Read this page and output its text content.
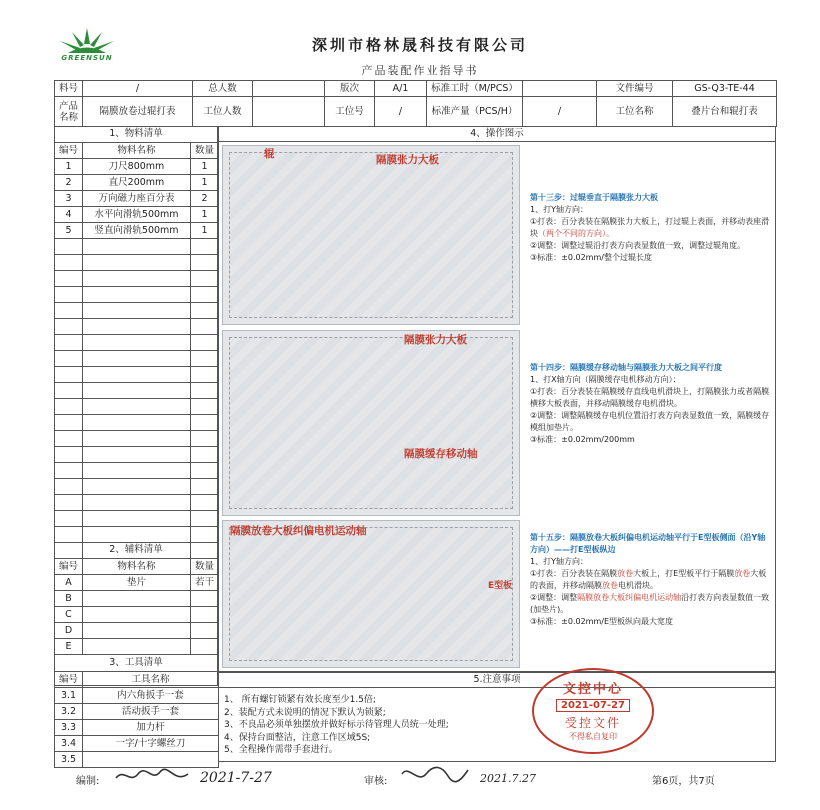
GREENSUN
深圳市格林晟科技有限公司
产品装配作业指导书
料号	/	总人数		版次	A/1	标准工时（M/PCS）		文件编号	GS-Q3-TE-44
产品名称	隔膜放卷过辊打表	工位人数		工位号	/	标准产量（PCS/H）	/	工位名称	叠片台和辊打表
1、物料清单
编号	物料名称	数量
1	刀尺800mm	1
2	直尺200mm	1
3	万向磁力座百分表	2
4	水平向滑轨500mm	1
5	竖直向滑轨500mm	1

2、辅料清单
编号	物料名称	数量
A	垫片	若干
B		
C		
D		
E		
3、工具清单
编号	工具名称
3.1	内六角扳手一套
3.2	活动扳手一套
3.3	加力杆
3.4	一字/十字螺丝刀
3.5	
4、操作图示
辊	隔膜张力大板
第十三步：过辊垂直于隔膜张力大板
1、打Y轴方向：
①打表：百分表装在隔膜张力大板上，打过辊上表面，并移动表座滑块（两个不同的方向）。
②调整：调整过辊沿打表方向表显数值一致，调整过辊角度。
③标准：±0.02mm/整个过辊长度
隔膜张力大板
隔膜缓存移动轴
第十四步：隔膜缓存移动轴与隔膜张力大板之间平行度
1、打X轴方向（隔膜缓存电机移动方向）：
①打表：百分表装在隔膜缓存直线电机滑块上，打隔膜张力或者隔膜横移大板表面，并移动隔膜缓存电机滑块。
②调整：调整隔膜缓存电机位置沿打表方向表显数值一致，隔膜缓存模组加垫片。
③标准：±0.02mm/200mm
隔膜放卷大板纠偏电机运动轴
E型板
第十五步：隔膜放卷大板纠偏电机运动轴平行于E型板侧面（沿Y轴方向）——打E型板纵边
1、打Y轴方向：
①打表：百分表装在隔膜放卷大板上，打E型板平行于隔膜放卷大板的表面，并移动隔膜放卷电机滑块。
②调整：调整隔膜放卷大板纠偏电机运动轴沿打表方向表显数值一致(加垫片)。
③标准：±0.02mm/E型板纵向最大宽度
5.注意事项
1、 所有螺钉锁紧有效长度至少1.5倍;
2、装配方式未说明的情况下默认为锁紧;
3、不良品必须单独摆放并做好标示待管理人员统一处理;
4、保持台面整洁，注意工作区域5S;
5、全程操作需带手套进行。
文控中心
2021-07-27
受控文件
不得私自复印
编制:	2021-7-27	审核:	2021.7.27	第6页，共7页
